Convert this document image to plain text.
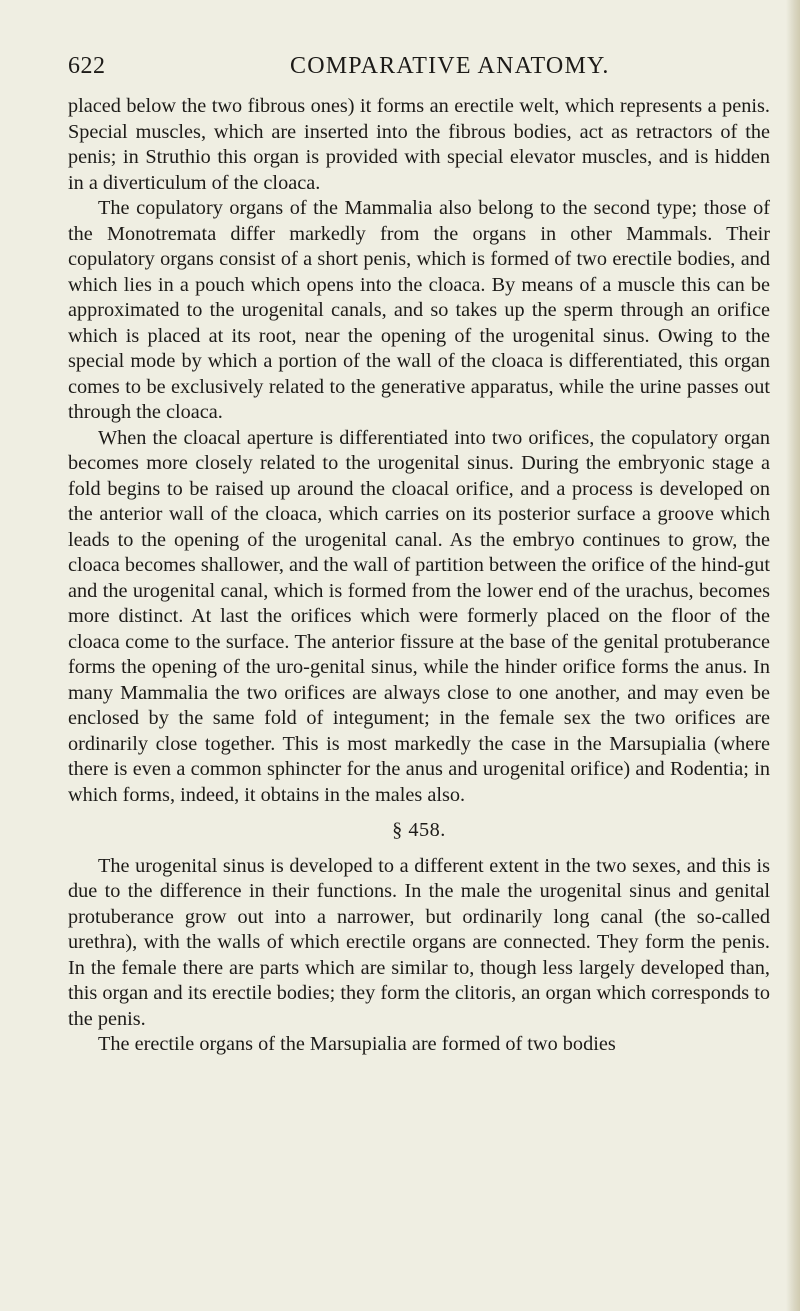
622	COMPARATIVE ANATOMY.

placed below the two fibrous ones) it forms an erectile welt, which represents a penis. Special muscles, which are inserted into the fibrous bodies, act as retractors of the penis; in Struthio this organ is provided with special elevator muscles, and is hidden in a diverticulum of the cloaca.

The copulatory organs of the Mammalia also belong to the second type; those of the Monotremata differ markedly from the organs in other Mammals. Their copulatory organs consist of a short penis, which is formed of two erectile bodies, and which lies in a pouch which opens into the cloaca. By means of a muscle this can be approximated to the urogenital canals, and so takes up the sperm through an orifice which is placed at its root, near the opening of the urogenital sinus. Owing to the special mode by which a portion of the wall of the cloaca is differentiated, this organ comes to be exclusively related to the generative apparatus, while the urine passes out through the cloaca.

When the cloacal aperture is differentiated into two orifices, the copulatory organ becomes more closely related to the urogenital sinus. During the embryonic stage a fold begins to be raised up around the cloacal orifice, and a process is developed on the anterior wall of the cloaca, which carries on its posterior surface a groove which leads to the opening of the urogenital canal. As the embryo continues to grow, the cloaca becomes shallower, and the wall of partition between the orifice of the hind-gut and the urogenital canal, which is formed from the lower end of the urachus, becomes more distinct. At last the orifices which were formerly placed on the floor of the cloaca come to the surface. The anterior fissure at the base of the genital protuberance forms the opening of the uro-genital sinus, while the hinder orifice forms the anus. In many Mammalia the two orifices are always close to one another, and may even be enclosed by the same fold of integument; in the female sex the two orifices are ordinarily close together. This is most markedly the case in the Marsupialia (where there is even a common sphincter for the anus and urogenital orifice) and Rodentia; in which forms, indeed, it obtains in the males also.

§ 458.

The urogenital sinus is developed to a different extent in the two sexes, and this is due to the difference in their functions. In the male the urogenital sinus and genital protuberance grow out into a narrower, but ordinarily long canal (the so-called urethra), with the walls of which erectile organs are connected. They form the penis. In the female there are parts which are similar to, though less largely developed than, this organ and its erectile bodies; they form the clitoris, an organ which corresponds to the penis.

The erectile organs of the Marsupialia are formed of two bodies
